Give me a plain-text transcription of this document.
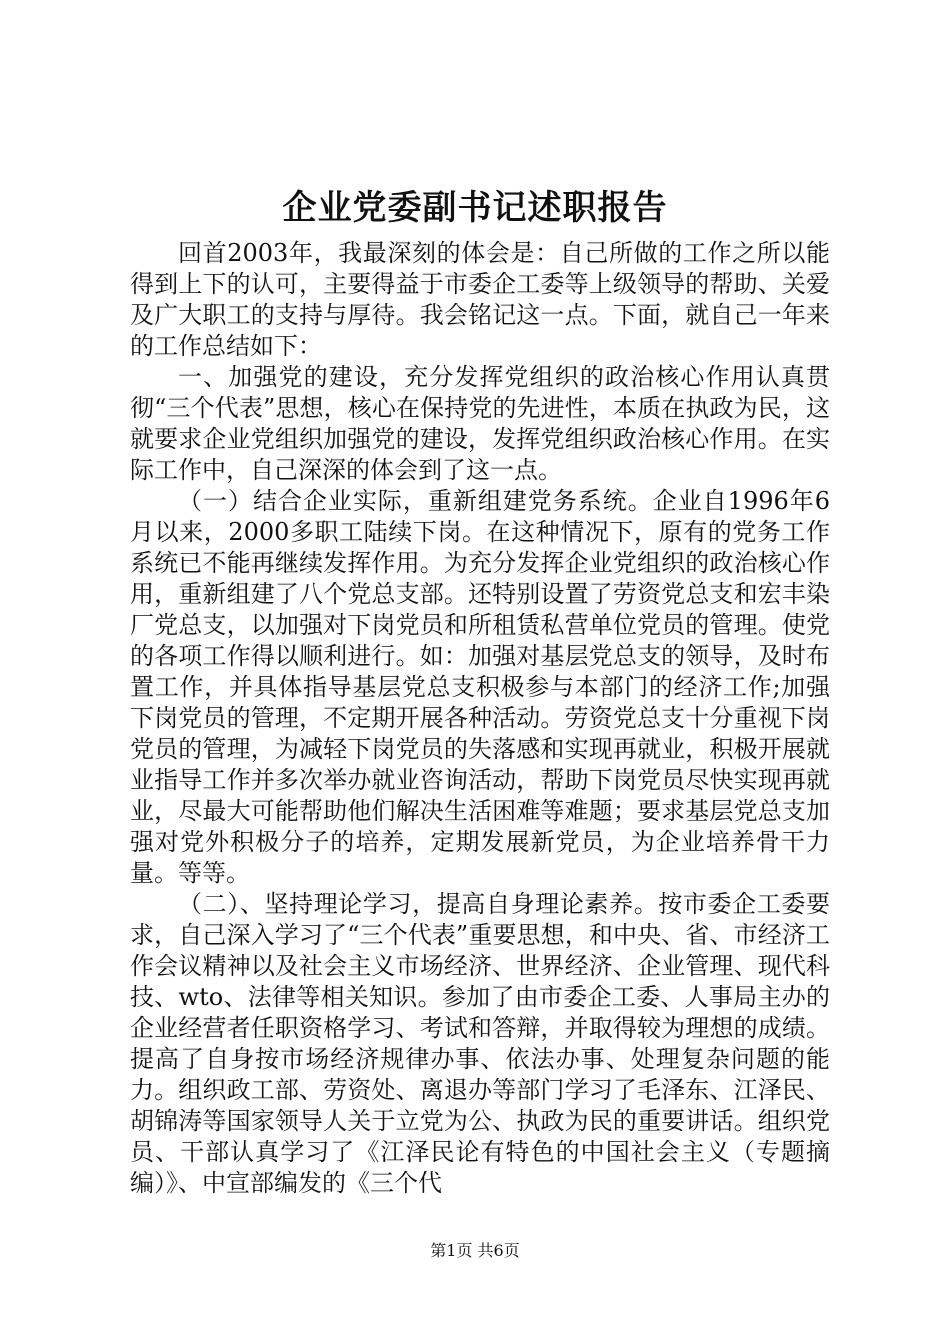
企业党委副书记述职报告

回首2003年，我最深刻的体会是：自己所做的工作之所以能得到上下的认可，主要得益于市委企工委等上级领导的帮助、关爱及广大职工的支持与厚待。我会铭记这一点。下面，就自己一年来的工作总结如下：

一、加强党的建设，充分发挥党组织的政治核心作用认真贯彻“三个代表”思想，核心在保持党的先进性，本质在执政为民，这就要求企业党组织加强党的建设，发挥党组织政治核心作用。在实际工作中，自己深深的体会到了这一点。

（一）结合企业实际，重新组建党务系统。企业自1996年6月以来，2000多职工陆续下岗。在这种情况下，原有的党务工作系统已不能再继续发挥作用。为充分发挥企业党组织的政治核心作用，重新组建了八个党总支部。还特别设置了劳资党总支和宏丰染厂党总支，以加强对下岗党员和所租赁私营单位党员的管理。使党的各项工作得以顺利进行。如：加强对基层党总支的领导，及时布置工作，并具体指导基层党总支积极参与本部门的经济工作;加强下岗党员的管理，不定期开展各种活动。劳资党总支十分重视下岗党员的管理，为减轻下岗党员的失落感和实现再就业，积极开展就业指导工作并多次举办就业咨询活动，帮助下岗党员尽快实现再就业，尽最大可能帮助他们解决生活困难等难题；要求基层党总支加强对党外积极分子的培养，定期发展新党员，为企业培养骨干力量。等等。

（二）、坚持理论学习，提高自身理论素养。按市委企工委要求，自己深入学习了“三个代表”重要思想，和中央、省、市经济工作会议精神以及社会主义市场经济、世界经济、企业管理、现代科技、wto、法律等相关知识。参加了由市委企工委、人事局主办的企业经营者任职资格学习、考试和答辩，并取得较为理想的成绩。提高了自身按市场经济规律办事、依法办事、处理复杂问题的能力。组织政工部、劳资处、离退办等部门学习了毛泽东、江泽民、胡锦涛等国家领导人关于立党为公、执政为民的重要讲话。组织党员、干部认真学习了《江泽民论有特色的中国社会主义（专题摘编）》、中宣部编发的《三个代

第1页 共6页
